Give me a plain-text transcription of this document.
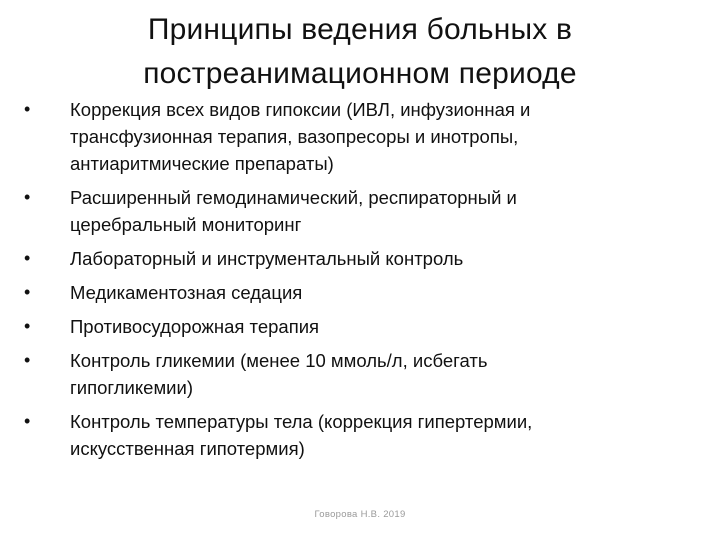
Принципы ведения больных в
постреанимационном периоде
•	Коррекция всех видов гипоксии (ИВЛ, инфузионная и
трансфузионная терапия, вазопресоры и инотропы,
антиаритмические препараты)
•	Расширенный гемодинамический, респираторный и
церебральный мониторинг
•	Лабораторный и инструментальный контроль
•	Медикаментозная седация
•	Противосудорожная терапия
•	Контроль гликемии (менее 10 ммоль/л, исбегать
гипогликемии)
•	Контроль температуры тела (коррекция гипертермии,
искусственная гипотермия)
Говорова Н.В. 2019
